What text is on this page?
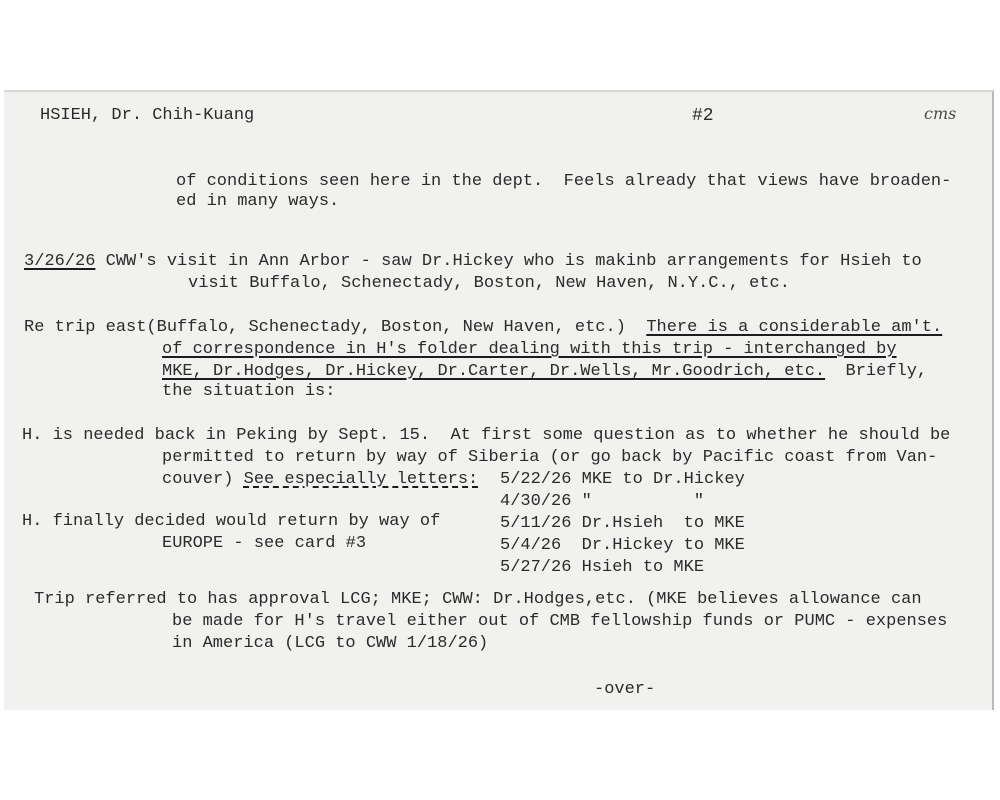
HSIEH, Dr. Chih-Kuang	#2	cms
of conditions seen here in the dept.  Feels already that views have broaden-
ed in many ways.
3/26/26 CWW's visit in Ann Arbor - saw Dr.Hickey who is makinb arrangements for Hsieh to
visit Buffalo, Schenectady, Boston, New Haven, N.Y.C., etc.
Re trip east(Buffalo, Schenectady, Boston, New Haven, etc.) There is a considerable am't.
of correspondence in H's folder dealing with this trip - interchanged by
MKE, Dr.Hodges, Dr.Hickey, Dr.Carter, Dr.Wells, Mr.Goodrich, etc. Briefly,
the situation is:
H. is needed back in Peking by Sept. 15.  At first some question as to whether he should be
permitted to return by way of Siberia (or go back by Pacific coast from Van-
couver) See especially letters: 5/22/26 MKE to Dr.Hickey
4/30/26 "          "
5/11/26 Dr.Hsieh  to MKE
5/4/26  Dr.Hickey to MKE
5/27/26 Hsieh to MKE
H. finally decided would return by way of
EUROPE - see card #3
Trip referred to has approval LCG; MKE; CWW: Dr.Hodges,etc. (MKE believes allowance can
be made for H's travel either out of CMB fellowship funds or PUMC - expenses
in America (LCG to CWW 1/18/26)
-over-
